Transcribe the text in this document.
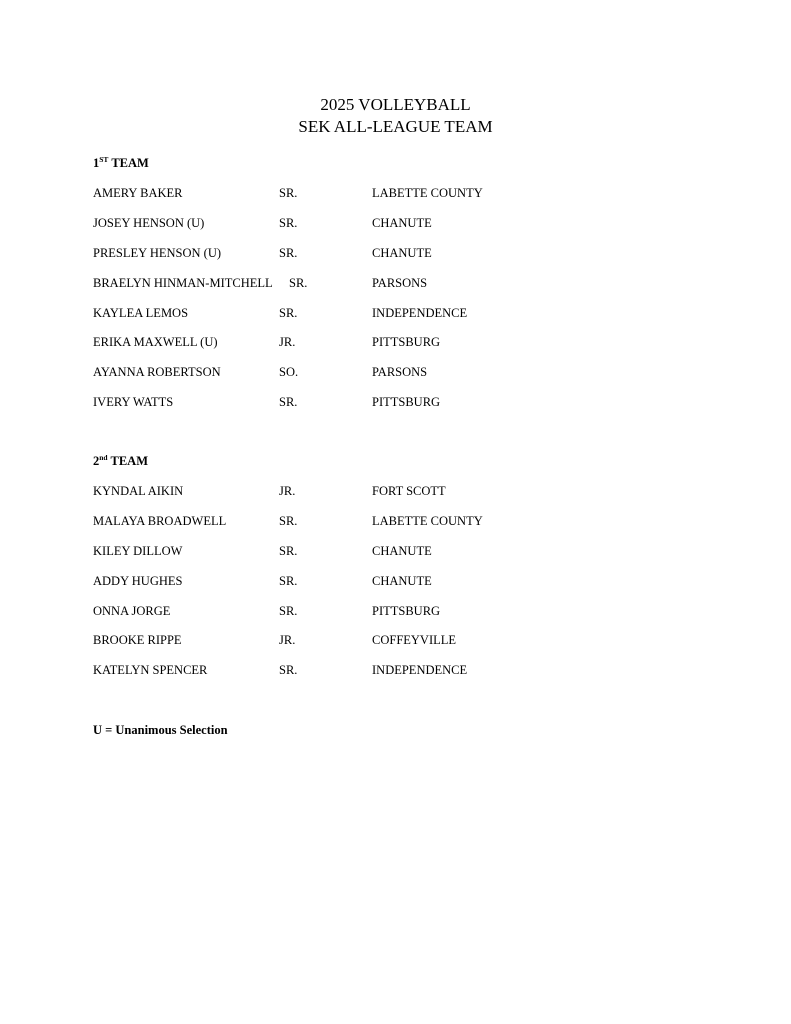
2025 VOLLEYBALL
SEK ALL-LEAGUE TEAM
1ST TEAM
AMERY BAKER	SR.	LABETTE COUNTY
JOSEY HENSON (U)	SR.	CHANUTE
PRESLEY HENSON (U)	SR.	CHANUTE
BRAELYN HINMAN-MITCHELL SR.	PARSONS
KAYLEA LEMOS	SR.	INDEPENDENCE
ERIKA MAXWELL (U)	JR.	PITTSBURG
AYANNA ROBERTSON	SO.	PARSONS
IVERY WATTS	SR.	PITTSBURG
2nd TEAM
KYNDAL AIKIN	JR.	FORT SCOTT
MALAYA BROADWELL	SR.	LABETTE COUNTY
KILEY DILLOW	SR.	CHANUTE
ADDY HUGHES	SR.	CHANUTE
ONNA JORGE	SR.	PITTSBURG
BROOKE RIPPE	JR.	COFFEYVILLE
KATELYN SPENCER	SR.	INDEPENDENCE
U = Unanimous Selection
